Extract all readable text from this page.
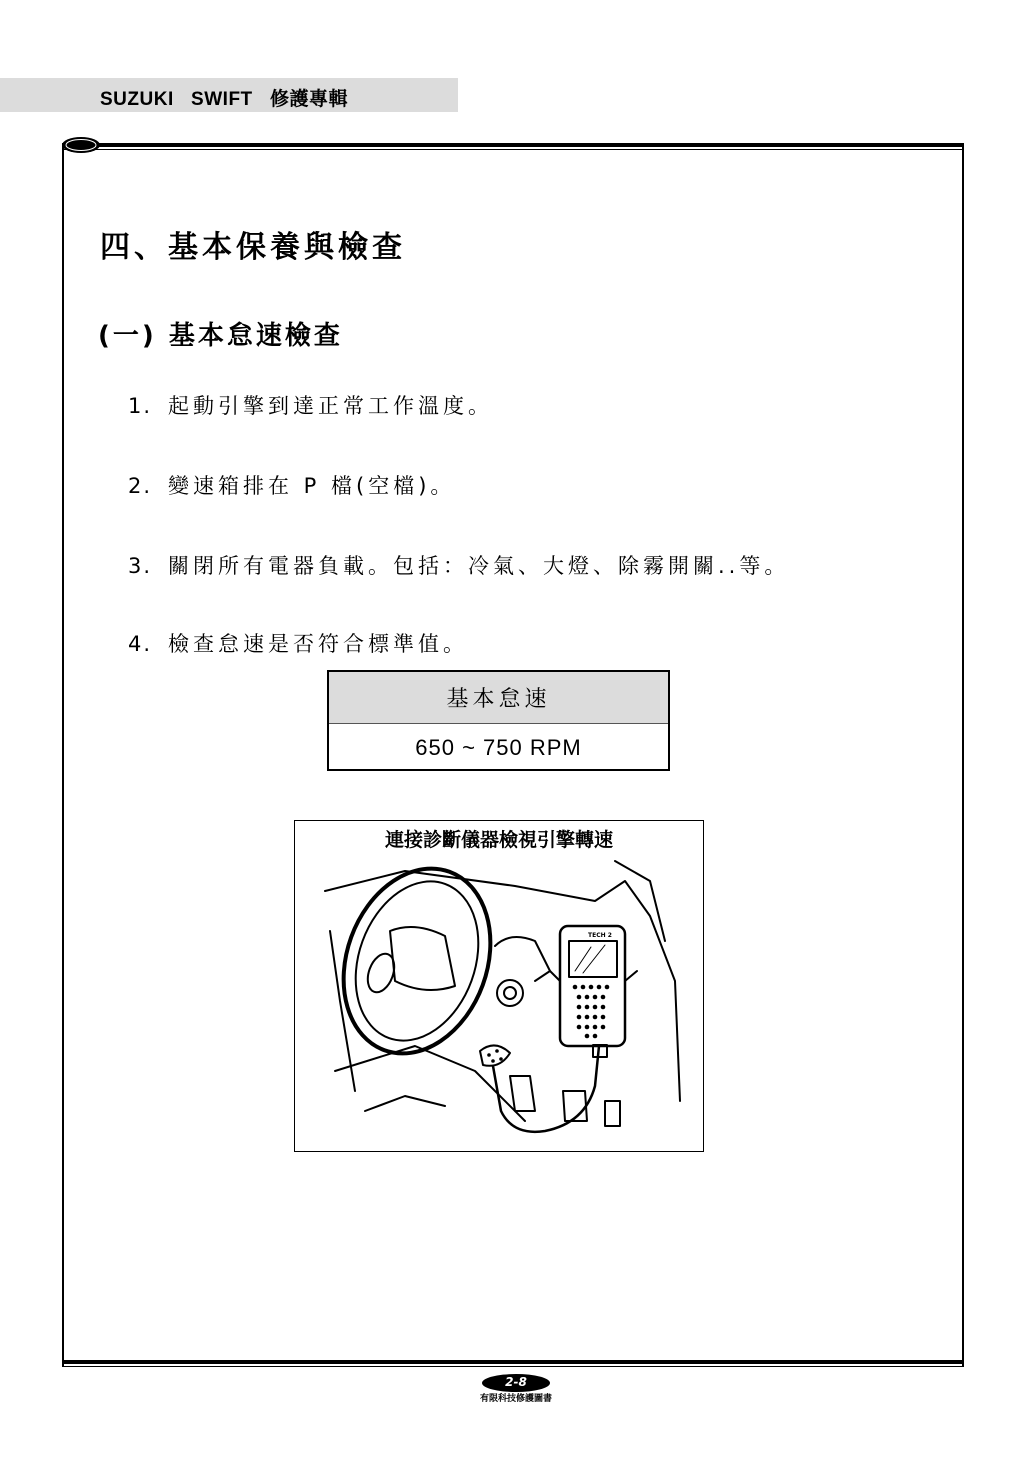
SUZUKI   SWIFT   修護專輯
四、基本保養與檢查
(一) 基本怠速檢查
1. 起動引擎到達正常工作溫度。
2. 變速箱排在 P 檔(空檔)。
3. 關閉所有電器負載。包括：冷氣、大燈、除霧開關..等。
4. 檢查怠速是否符合標準值。
基本怠速
650 ~ 750 RPM
TECH 2
連接診斷儀器檢視引擎轉速
2-8
有限科技修護圖書
